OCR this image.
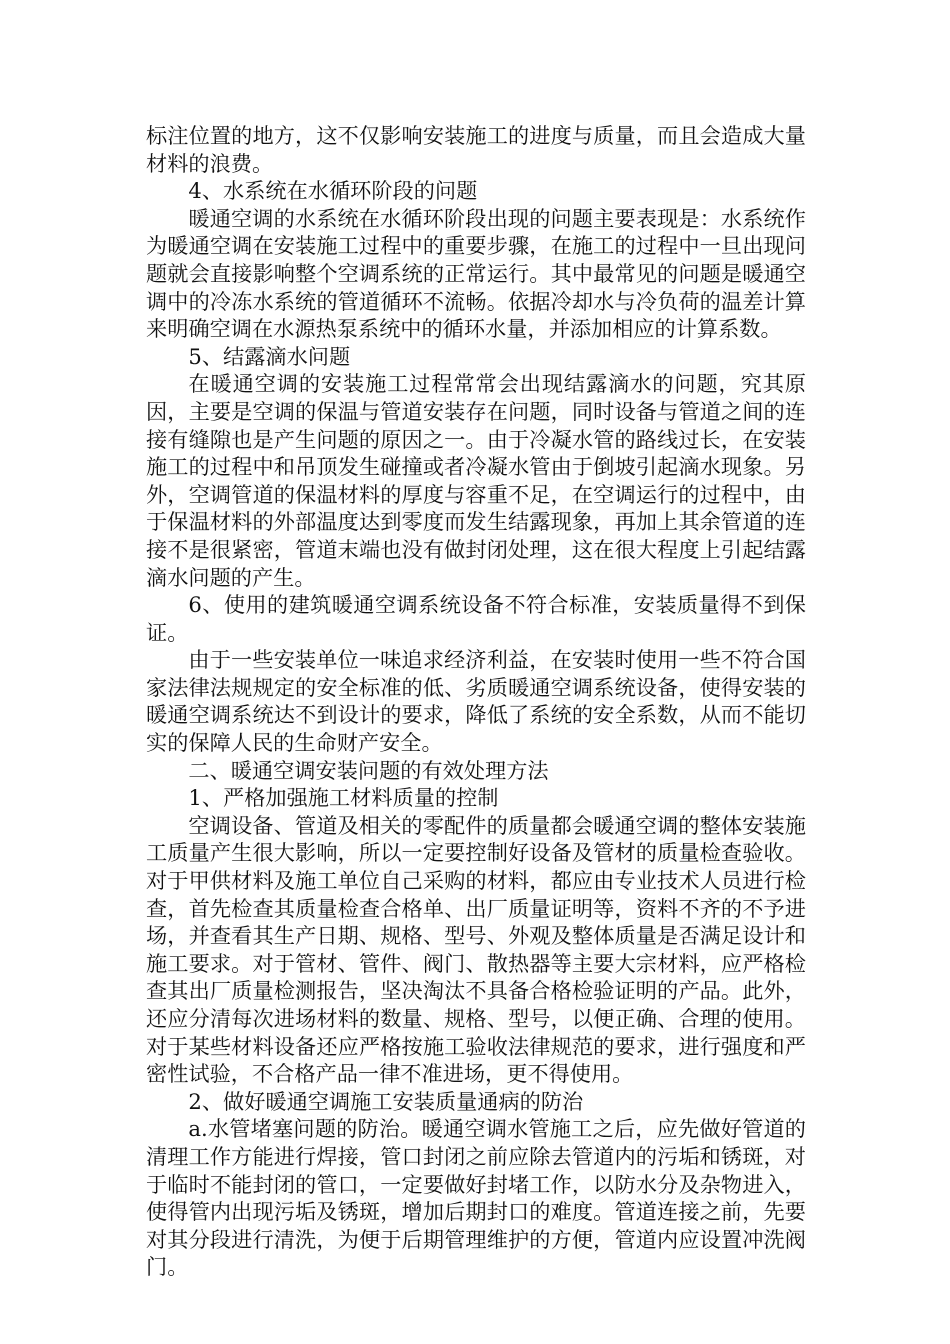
标注位置的地方，这不仅影响安装施工的进度与质量，而且会造成大量材料的浪费。

4、水系统在水循环阶段的问题

暖通空调的水系统在水循环阶段出现的问题主要表现是：水系统作为暖通空调在安装施工过程中的重要步骤，在施工的过程中一旦出现问题就会直接影响整个空调系统的正常运行。其中最常见的问题是暖通空调中的冷冻水系统的管道循环不流畅。依据冷却水与冷负荷的温差计算来明确空调在水源热泵系统中的循环水量，并添加相应的计算系数。

5、结露滴水问题

在暖通空调的安装施工过程常常会出现结露滴水的问题，究其原因，主要是空调的保温与管道安装存在问题，同时设备与管道之间的连接有缝隙也是产生问题的原因之一。由于冷凝水管的路线过长，在安装施工的过程中和吊顶发生碰撞或者冷凝水管由于倒坡引起滴水现象。另外，空调管道的保温材料的厚度与容重不足，在空调运行的过程中，由于保温材料的外部温度达到零度而发生结露现象，再加上其余管道的连接不是很紧密，管道末端也没有做封闭处理，这在很大程度上引起结露滴水问题的产生。

6、使用的建筑暖通空调系统设备不符合标准，安装质量得不到保证。

由于一些安装单位一味追求经济利益，在安装时使用一些不符合国家法律法规规定的安全标准的低、劣质暖通空调系统设备，使得安装的暖通空调系统达不到设计的要求，降低了系统的安全系数，从而不能切实的保障人民的生命财产安全。

二、暖通空调安装问题的有效处理方法

1、严格加强施工材料质量的控制

空调设备、管道及相关的零配件的质量都会暖通空调的整体安装施工质量产生很大影响，所以一定要控制好设备及管材的质量检查验收。对于甲供材料及施工单位自己采购的材料，都应由专业技术人员进行检查，首先检查其质量检查合格单、出厂质量证明等，资料不齐的不予进场，并查看其生产日期、规格、型号、外观及整体质量是否满足设计和施工要求。对于管材、管件、阀门、散热器等主要大宗材料，应严格检查其出厂质量检测报告，坚决淘汰不具备合格检验证明的产品。此外，还应分清每次进场材料的数量、规格、型号，以便正确、合理的使用。对于某些材料设备还应严格按施工验收法律规范的要求，进行强度和严密性试验，不合格产品一律不准进场，更不得使用。

2、做好暖通空调施工安装质量通病的防治

a.水管堵塞问题的防治。暖通空调水管施工之后，应先做好管道的清理工作方能进行焊接，管口封闭之前应除去管道内的污垢和锈斑，对于临时不能封闭的管口，一定要做好封堵工作，以防水分及杂物进入，使得管内出现污垢及锈斑，增加后期封口的难度。管道连接之前，先要对其分段进行清洗，为便于后期管理维护的方便，管道内应设置冲洗阀门。
